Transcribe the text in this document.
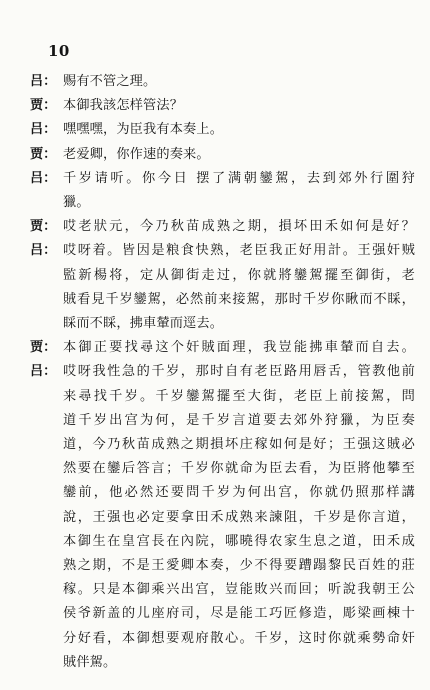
10
吕： 赐有不管之理。
贾： 本御我該怎样管法？
吕： 嘿嘿嘿，为臣我有本奏上。
贾： 老爱卿，你作速的奏来。
吕： 千岁请听。你今日 摆了满朝鑾駕，去到郊外行圍狩
獵。
贾： 哎老狀元，今乃秋苗成熟之期，損坏田禾如何是好？
吕： 哎呀着。皆因是粮食快熟，老臣我正好用計。王强奸贼
監新楊将，定从御街走过，你就將鑾駕擺至御街，老
賊看見千岁鑾駕，必然前来接駕，那时千岁你瞅而不睬，
睬而不睬，拂車輦而逕去。
贾： 本御正要找尋这个奸賊面理，我豈能拂車輦而自去。
吕： 哎呀我性急的千岁，那时自有老臣路用唇舌，管教他前
来尋找千岁。千岁鑾駕擺至大街，老臣上前接駕，問
道千岁出宫为何，是千岁言道要去郊外狩獵，为臣奏
道，今乃秋苗成熟之期損坏庄稼如何是好；王强这賊必
然要在鑾后答言；千岁你就命为臣去看，为臣將他攀至
鑾前，他必然还要問千岁为何出宫，你就仍照那样講
說，王强也必定要拿田禾成熟来諫阻，千岁是你言道，
本御生在皇宫長在內院，哪曉得农家生息之道，田禾成
熟之期，不是王愛卿本奏，少不得要蹧蹋黎民百姓的莊
稼。只是本御乘兴出宫，豈能敗兴而回；听說我朝王公
侯爷新盖的儿座府司，尽是能工巧匠修造，彫梁画棟十
分好看，本御想要观府散心。千岁，这时你就乘勢命奸
賊伴駕。
